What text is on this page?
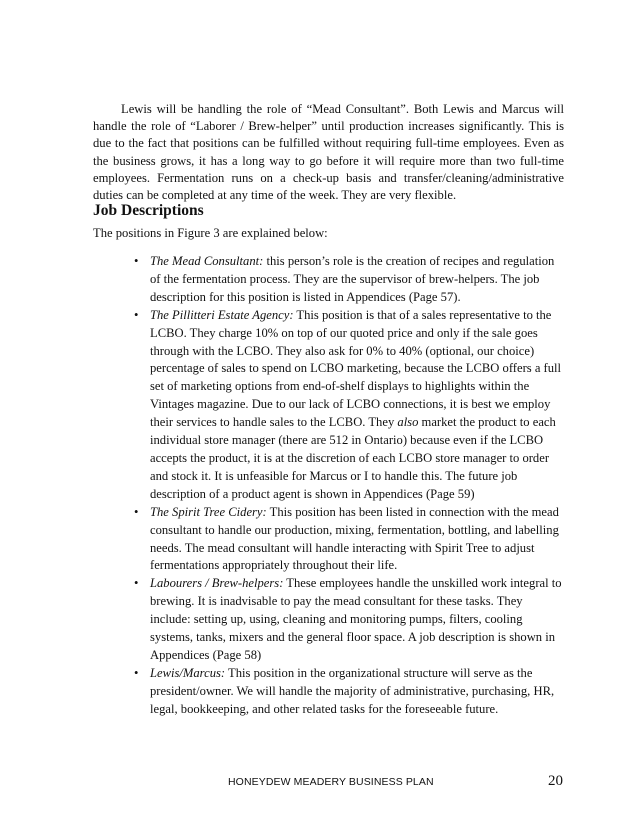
Lewis will be handling the role of “Mead Consultant”. Both Lewis and Marcus will handle the role of “Laborer / Brew-helper” until production increases significantly. This is due to the fact that positions can be fulfilled without requiring full-time employees. Even as the business grows, it has a long way to go before it will require more than two full-time employees. Fermentation runs on a check-up basis and transfer/cleaning/administrative duties can be completed at any time of the week. They are very flexible.

Job Descriptions

The positions in Figure 3 are explained below:

• The Mead Consultant: this person’s role is the creation of recipes and regulation of the fermentation process. They are the supervisor of brew-helpers. The job description for this position is listed in Appendices (Page 57).
• The Pillitteri Estate Agency: This position is that of a sales representative to the LCBO. They charge 10% on top of our quoted price and only if the sale goes through with the LCBO. They also ask for 0% to 40% (optional, our choice) percentage of sales to spend on LCBO marketing, because the LCBO offers a full set of marketing options from end-of-shelf displays to highlights within the Vintages magazine. Due to our lack of LCBO connections, it is best we employ their services to handle sales to the LCBO. They also market the product to each individual store manager (there are 512 in Ontario) because even if the LCBO accepts the product, it is at the discretion of each LCBO store manager to order and stock it. It is unfeasible for Marcus or I to handle this. The future job description of a product agent is shown in Appendices (Page 59)
• The Spirit Tree Cidery: This position has been listed in connection with the mead consultant to handle our production, mixing, fermentation, bottling, and labelling needs. The mead consultant will handle interacting with Spirit Tree to adjust fermentations appropriately throughout their life.
• Labourers / Brew-helpers: These employees handle the unskilled work integral to brewing. It is inadvisable to pay the mead consultant for these tasks. They include: setting up, using, cleaning and monitoring pumps, filters, cooling systems, tanks, mixers and the general floor space. A job description is shown in Appendices (Page 58)
• Lewis/Marcus: This position in the organizational structure will serve as the president/owner. We will handle the majority of administrative, purchasing, HR, legal, bookkeeping, and other related tasks for the foreseeable future.
HONEYDEW MEADERY BUSINESS PLAN	20
